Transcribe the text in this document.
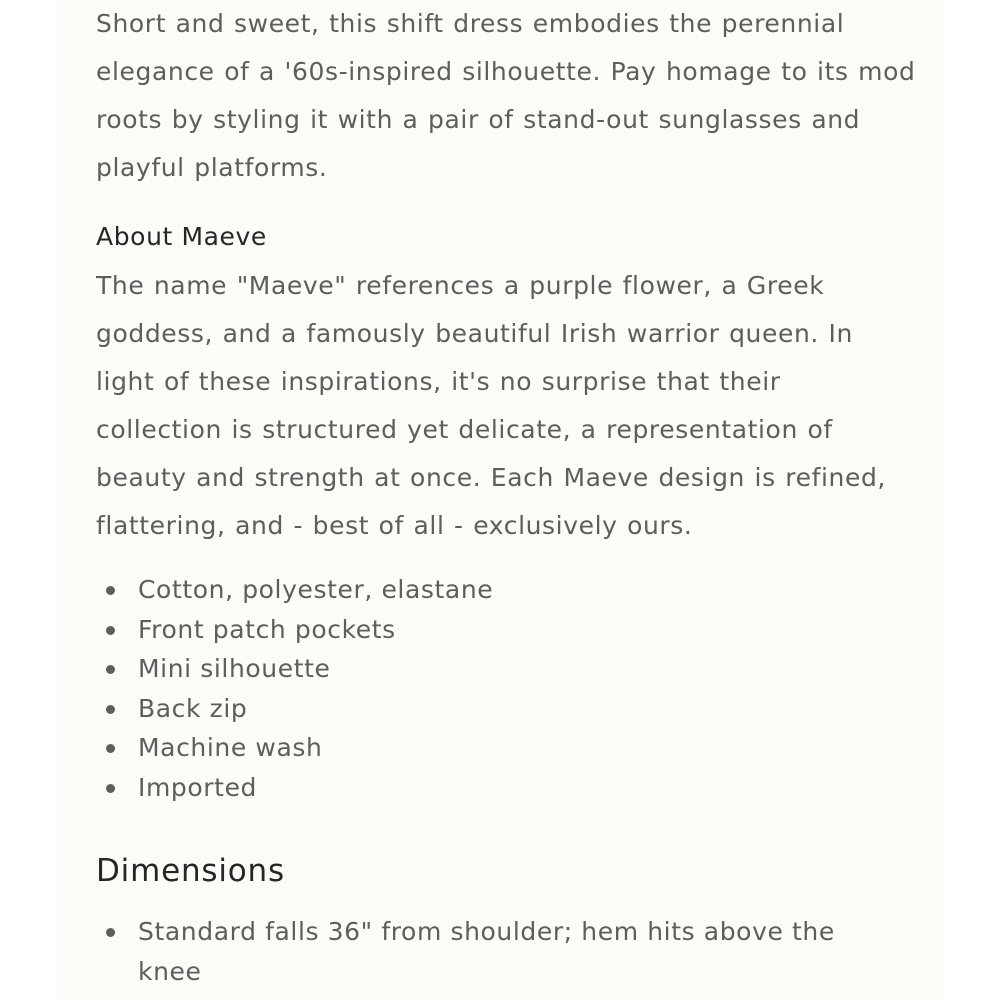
Short and sweet, this shift dress embodies the perennial elegance of a '60s-inspired silhouette. Pay homage to its mod roots by styling it with a pair of stand-out sunglasses and playful platforms.

About Maeve

The name "Maeve" references a purple flower, a Greek goddess, and a famously beautiful Irish warrior queen. In light of these inspirations, it's no surprise that their collection is structured yet delicate, a representation of beauty and strength at once. Each Maeve design is refined, flattering, and - best of all - exclusively ours.

Cotton, polyester, elastane
Front patch pockets
Mini silhouette
Back zip
Machine wash
Imported
Dimensions
Standard falls 36" from shoulder; hem hits above the knee
